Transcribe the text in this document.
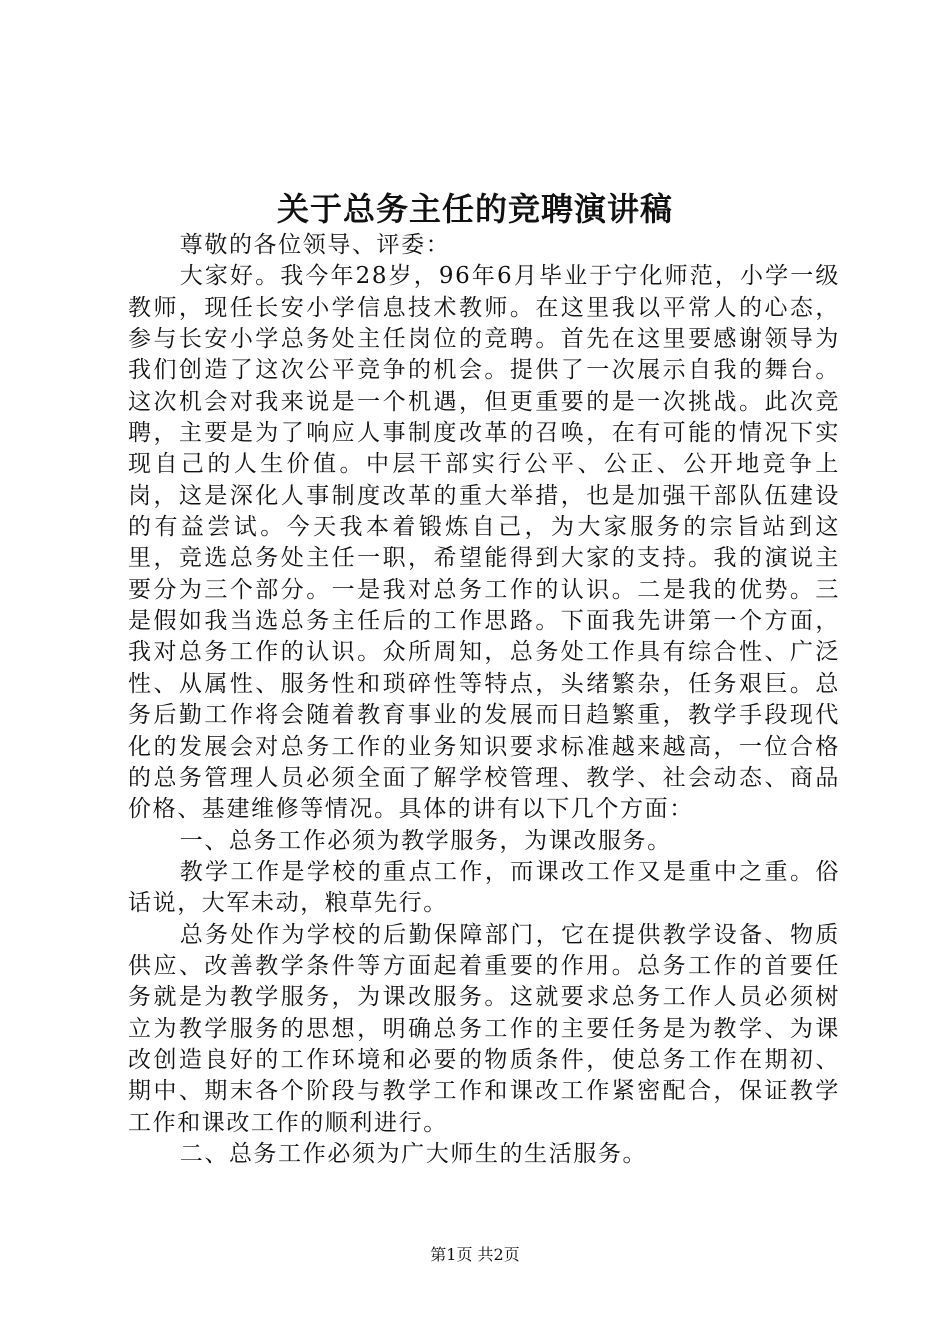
关于总务主任的竞聘演讲稿

尊敬的各位领导、评委：

大家好。我今年28岁，96年6月毕业于宁化师范，小学一级教师，现任长安小学信息技术教师。在这里我以平常人的心态，参与长安小学总务处主任岗位的竞聘。首先在这里要感谢领导为我们创造了这次公平竞争的机会。提供了一次展示自我的舞台。这次机会对我来说是一个机遇，但更重要的是一次挑战。此次竞聘，主要是为了响应人事制度改革的召唤，在有可能的情况下实现自己的人生价值。中层干部实行公平、公正、公开地竞争上岗，这是深化人事制度改革的重大举措，也是加强干部队伍建设的有益尝试。今天我本着锻炼自己，为大家服务的宗旨站到这里，竞选总务处主任一职，希望能得到大家的支持。我的演说主要分为三个部分。一是我对总务工作的认识。二是我的优势。三是假如我当选总务主任后的工作思路。下面我先讲第一个方面，我对总务工作的认识。众所周知，总务处工作具有综合性、广泛性、从属性、服务性和琐碎性等特点，头绪繁杂，任务艰巨。总务后勤工作将会随着教育事业的发展而日趋繁重，教学手段现代化的发展会对总务工作的业务知识要求标准越来越高，一位合格的总务管理人员必须全面了解学校管理、教学、社会动态、商品价格、基建维修等情况。具体的讲有以下几个方面：

一、总务工作必须为教学服务，为课改服务。

教学工作是学校的重点工作，而课改工作又是重中之重。俗话说，大军未动，粮草先行。

总务处作为学校的后勤保障部门，它在提供教学设备、物质供应、改善教学条件等方面起着重要的作用。总务工作的首要任务就是为教学服务，为课改服务。这就要求总务工作人员必须树立为教学服务的思想，明确总务工作的主要任务是为教学、为课改创造良好的工作环境和必要的物质条件，使总务工作在期初、期中、期末各个阶段与教学工作和课改工作紧密配合，保证教学工作和课改工作的顺利进行。

二、总务工作必须为广大师生的生活服务。

第1页 共2页
